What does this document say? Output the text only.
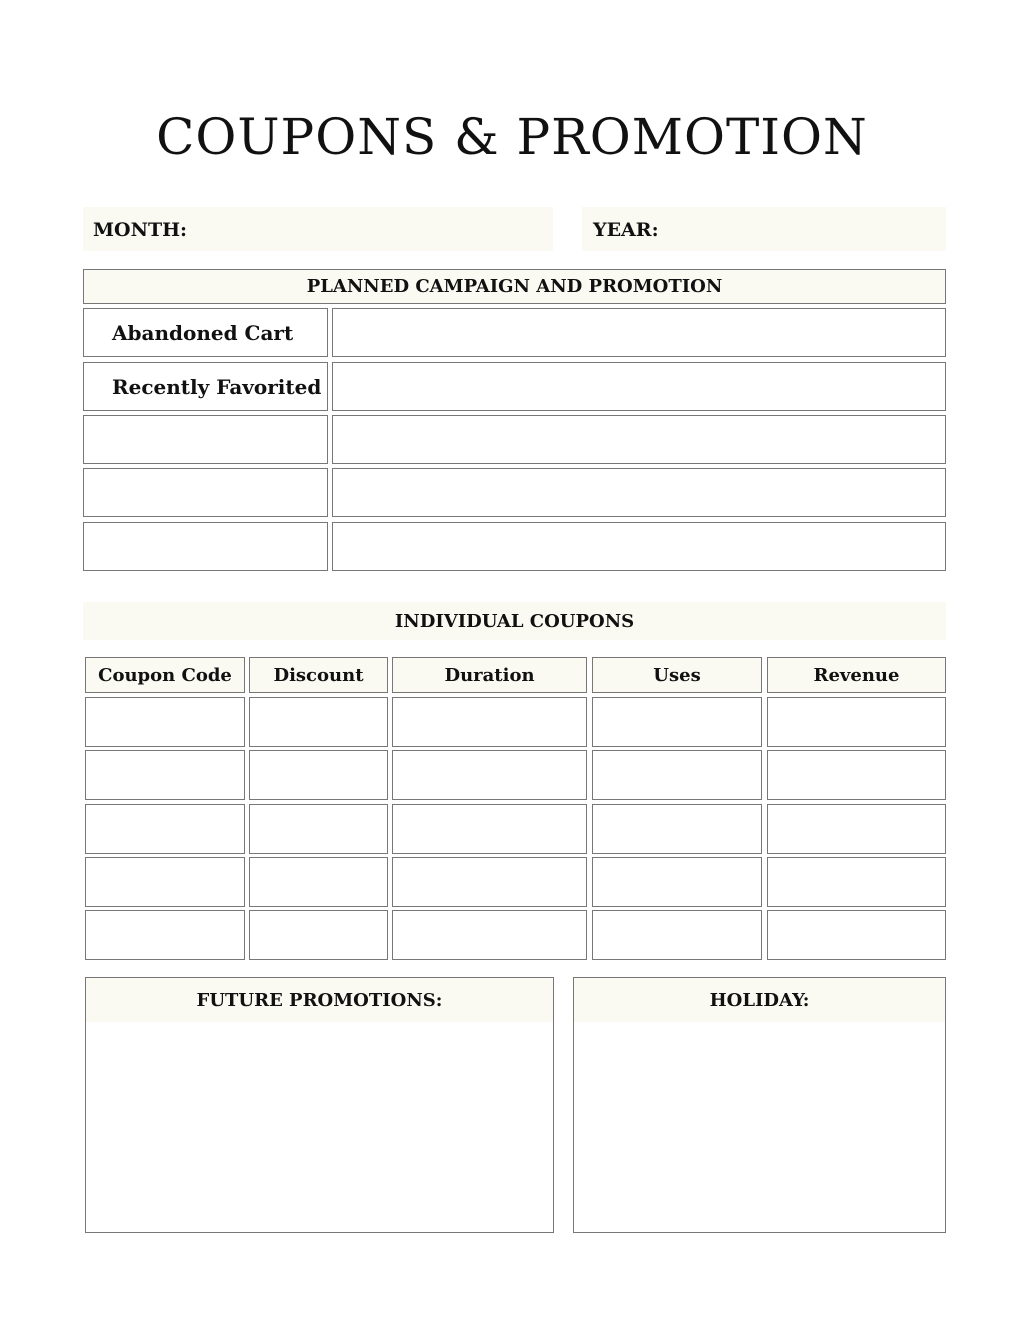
COUPONS & PROMOTION
MONTH:	YEAR:
PLANNED CAMPAIGN AND PROMOTION
Abandoned Cart
Recently Favorited
INDIVIDUAL COUPONS
Coupon Code	Discount	Duration	Uses	Revenue
FUTURE PROMOTIONS:	HOLIDAY:
